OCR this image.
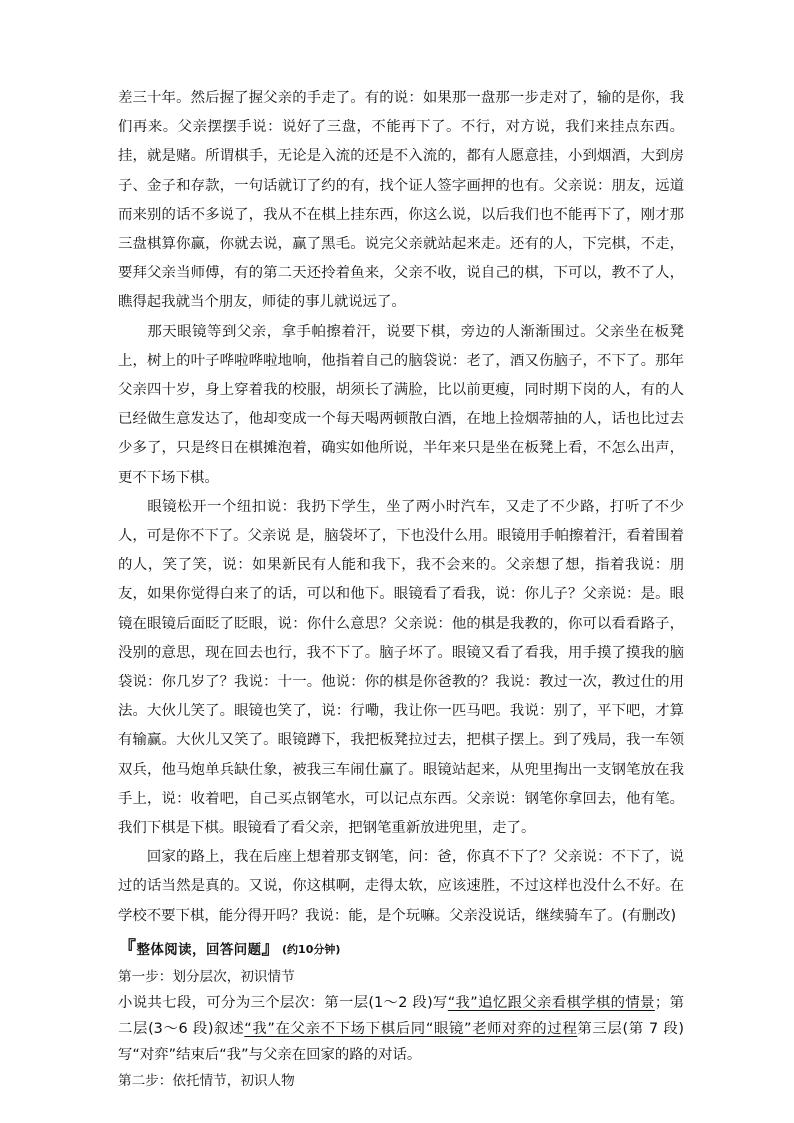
差三十年。然后握了握父亲的手走了。有的说：如果那一盘那一步走对了，输的是你，我们再来。父亲摆摆手说：说好了三盘，不能再下了。不行，对方说，我们来挂点东西。挂，就是赌。所谓棋手，无论是入流的还是不入流的，都有人愿意挂，小到烟酒，大到房子、金子和存款，一句话就订了约的有，找个证人签字画押的也有。父亲说：朋友，远道而来别的话不多说了，我从不在棋上挂东西，你这么说，以后我们也不能再下了，刚才那三盘棋算你赢，你就去说，赢了黑毛。说完父亲就站起来走。还有的人，下完棋，不走，要拜父亲当师傅，有的第二天还拎着鱼来，父亲不收，说自己的棋，下可以，教不了人，瞧得起我就当个朋友，师徒的事儿就说远了。

那天眼镜等到父亲，拿手帕擦着汗，说要下棋，旁边的人渐渐围过。父亲坐在板凳上，树上的叶子哗啦哗啦地响，他指着自己的脑袋说：老了，酒又伤脑子，不下了。那年父亲四十岁，身上穿着我的校服，胡须长了满脸，比以前更瘦，同时期下岗的人，有的人已经做生意发达了，他却变成一个每天喝两顿散白酒，在地上捡烟蒂抽的人，话也比过去少多了，只是终日在棋摊泡着，确实如他所说，半年来只是坐在板凳上看，不怎么出声，更不下场下棋。

眼镜松开一个纽扣说：我扔下学生，坐了两小时汽车，又走了不少路，打听了不少人，可是你不下了。父亲说 是，脑袋坏了，下也没什么用。眼镜用手帕擦着汗，看着围着的人，笑了笑，说：如果新民有人能和我下，我不会来的。父亲想了想，指着我说：朋友，如果你觉得白来了的话，可以和他下。眼镜看了看我，说：你儿子？父亲说：是。眼镜在眼镜后面眨了眨眼，说：你什么意思？父亲说：他的棋是我教的，你可以看看路子，没别的意思，现在回去也行，我不下了。脑子坏了。眼镜又看了看我，用手摸了摸我的脑袋说：你几岁了？我说：十一。他说：你的棋是你爸教的？我说：教过一次，教过仕的用法。大伙儿笑了。眼镜也笑了，说：行嘞，我让你一匹马吧。我说：别了，平下吧，才算有输赢。大伙儿又笑了。眼镜蹲下，我把板凳拉过去，把棋子摆上。到了残局，我一车领双兵，他马炮单兵缺仕象，被我三车闹仕赢了。眼镜站起来，从兜里掏出一支钢笔放在我手上，说：收着吧，自己买点钢笔水，可以记点东西。父亲说：钢笔你拿回去，他有笔。我们下棋是下棋。眼镜看了看父亲，把钢笔重新放进兜里，走了。

回家的路上，我在后座上想着那支钢笔，问：爸，你真不下了？父亲说：不下了，说过的话当然是真的。又说，你这棋啊，走得太软，应该速胜，不过这样也没什么不好。在学校不要下棋，能分得开吗？我说：能，是个玩嘛。父亲没说话，继续骑车了。(有删改)

『 整体阅读，回答问题 』 (约10分钟)

第一步：划分层次，初识情节

小说共七段，可分为三个层次：第一层(1～2 段)写“我”追忆跟父亲看棋学棋的情景；第二层(3～6 段)叙述“我”在父亲不下场下棋后同“眼镜”老师对弈的过程第三层(第 7 段)写“对弈”结束后“我”与父亲在回家的路的对话。

第二步：依托情节，初识人物
